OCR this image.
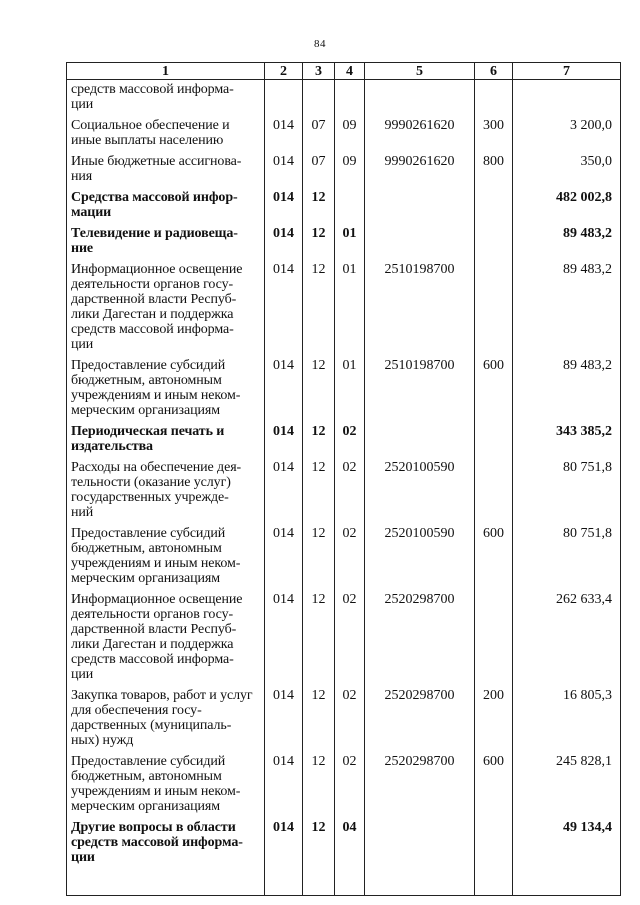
84
1	2	3	4	5	6	7
средств массовой информа-
ции						
Социальное обеспечение и иные выплаты населению	014	07	09	9990261620	300	3 200,0
Иные бюджетные ассигнова-
ния	014	07	09	9990261620	800	350,0
Средства массовой инфор-
мации	014	12				482 002,8
Телевидение и радиовеща-
ние	014	12	01			89 483,2
Информационное освещение деятельности органов госу-
дарственной власти Респуб-
лики Дагестан и поддержка средств массовой информа-
ции	014	12	01	2510198700		89 483,2
Предоставление субсидий бюджетным, автономным учреждениям и иным неком-
мерческим организациям	014	12	01	2510198700	600	89 483,2
Периодическая печать и издательства	014	12	02			343 385,2
Расходы на обеспечение дея-
тельности (оказание услуг) государственных учрежде-
ний	014	12	02	2520100590		80 751,8
Предоставление субсидий бюджетным, автономным учреждениям и иным неком-
мерческим организациям	014	12	02	2520100590	600	80 751,8
Информационное освещение деятельности органов госу-
дарственной власти Респуб-
лики Дагестан и поддержка средств массовой информа-
ции	014	12	02	2520298700		262 633,4
Закупка товаров, работ и услуг для обеспечения госу-
дарственных (муниципаль-
ных) нужд	014	12	02	2520298700	200	16 805,3
Предоставление субсидий бюджетным, автономным учреждениям и иным неком-
мерческим организациям	014	12	02	2520298700	600	245 828,1
Другие вопросы в области средств массовой информа-
ции	014	12	04			49 134,4
